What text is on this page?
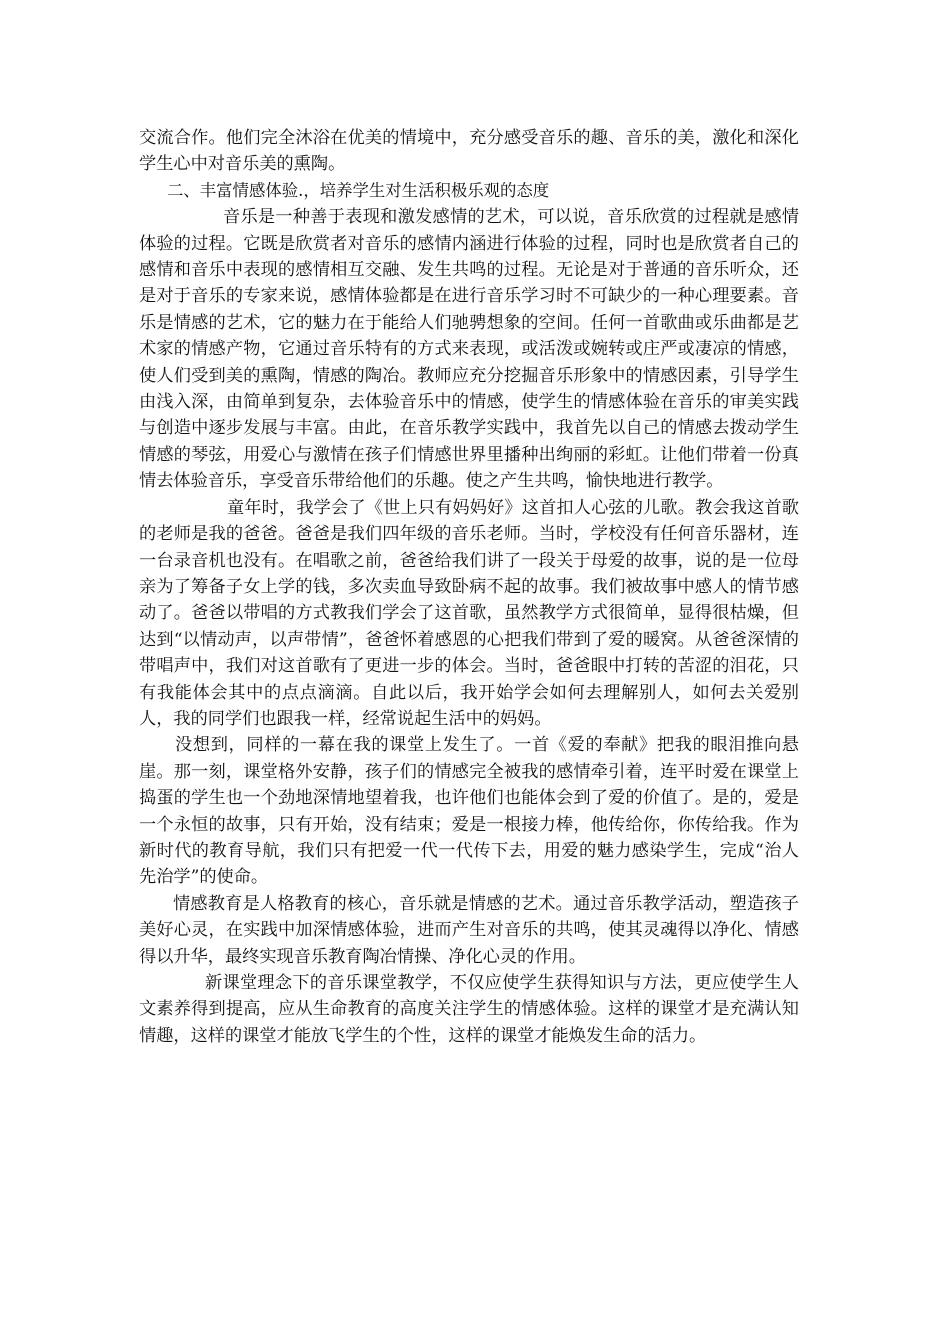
交流合作。他们完全沐浴在优美的情境中，充分感受音乐的趣、音乐的美，激化和深化学生心中对音乐美的熏陶。

二、丰富情感体验.，培养学生对生活积极乐观的态度

音乐是一种善于表现和激发感情的艺术，可以说，音乐欣赏的过程就是感情体验的过程。它既是欣赏者对音乐的感情内涵进行体验的过程，同时也是欣赏者自己的感情和音乐中表现的感情相互交融、发生共鸣的过程。无论是对于普通的音乐听众，还是对于音乐的专家来说，感情体验都是在进行音乐学习时不可缺少的一种心理要素。音乐是情感的艺术，它的魅力在于能给人们驰骋想象的空间。任何一首歌曲或乐曲都是艺术家的情感产物，它通过音乐特有的方式来表现，或活泼或婉转或庄严或凄凉的情感，使人们受到美的熏陶，情感的陶冶。教师应充分挖掘音乐形象中的情感因素，引导学生由浅入深，由简单到复杂，去体验音乐中的情感，使学生的情感体验在音乐的审美实践与创造中逐步发展与丰富。由此，在音乐教学实践中，我首先以自己的情感去拨动学生情感的琴弦，用爱心与激情在孩子们情感世界里播种出绚丽的彩虹。让他们带着一份真情去体验音乐，享受音乐带给他们的乐趣。使之产生共鸣，愉快地进行教学。

童年时，我学会了《世上只有妈妈好》这首扣人心弦的儿歌。教会我这首歌的老师是我的爸爸。爸爸是我们四年级的音乐老师。当时，学校没有任何音乐器材，连一台录音机也没有。在唱歌之前，爸爸给我们讲了一段关于母爱的故事，说的是一位母亲为了筹备子女上学的钱，多次卖血导致卧病不起的故事。我们被故事中感人的情节感动了。爸爸以带唱的方式教我们学会了这首歌，虽然教学方式很简单，显得很枯燥，但达到“以情动声，以声带情”，爸爸怀着感恩的心把我们带到了爱的暖窝。从爸爸深情的带唱声中，我们对这首歌有了更进一步的体会。当时，爸爸眼中打转的苦涩的泪花，只有我能体会其中的点点滴滴。自此以后，我开始学会如何去理解别人，如何去关爱别人，我的同学们也跟我一样，经常说起生活中的妈妈。

没想到，同样的一幕在我的课堂上发生了。一首《爱的奉献》把我的眼泪推向悬崖。那一刻，课堂格外安静，孩子们的情感完全被我的感情牵引着，连平时爱在课堂上捣蛋的学生也一个劲地深情地望着我，也许他们也能体会到了爱的价值了。是的，爱是一个永恒的故事，只有开始，没有结束；爱是一根接力棒，他传给你，你传给我。作为新时代的教育导航，我们只有把爱一代一代传下去，用爱的魅力感染学生，完成“治人先治学”的使命。

情感教育是人格教育的核心，音乐就是情感的艺术。通过音乐教学活动，塑造孩子美好心灵，在实践中加深情感体验，进而产生对音乐的共鸣，使其灵魂得以净化、情感得以升华，最终实现音乐教育陶冶情操、净化心灵的作用。

新课堂理念下的音乐课堂教学，不仅应使学生获得知识与方法，更应使学生人文素养得到提高，应从生命教育的高度关注学生的情感体验。这样的课堂才是充满认知情趣，这样的课堂才能放飞学生的个性，这样的课堂才能焕发生命的活力。
